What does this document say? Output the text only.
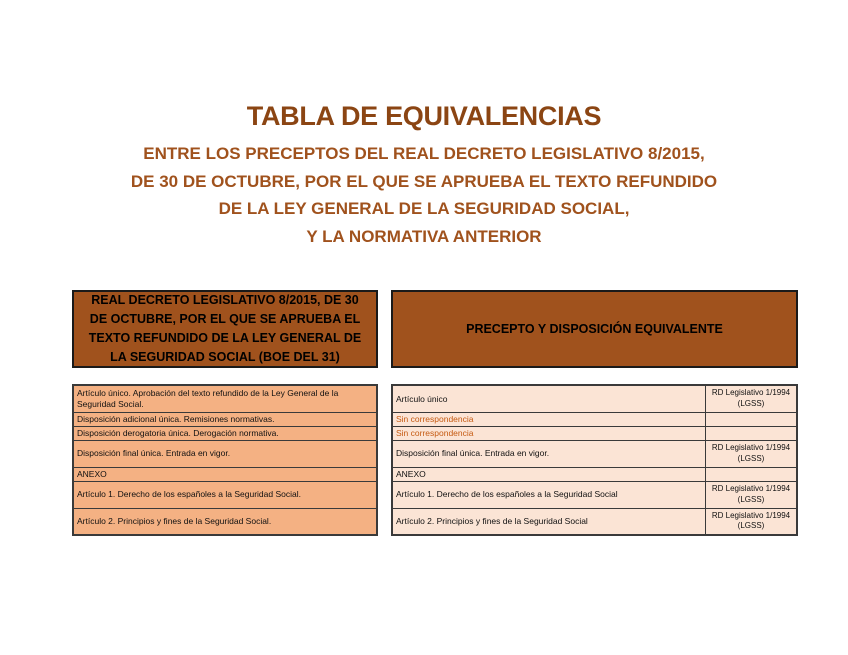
TABLA DE EQUIVALENCIAS
ENTRE LOS PRECEPTOS DEL REAL DECRETO LEGISLATIVO 8/2015,
DE 30 DE OCTUBRE, POR EL QUE SE APRUEBA EL TEXTO REFUNDIDO
DE LA LEY GENERAL DE LA SEGURIDAD SOCIAL,
Y LA NORMATIVA ANTERIOR
REAL DECRETO LEGISLATIVO 8/2015, DE 30 DE OCTUBRE, POR EL QUE SE APRUEBA EL TEXTO REFUNDIDO DE LA LEY GENERAL DE LA SEGURIDAD SOCIAL (BOE DEL 31)
PRECEPTO Y DISPOSICIÓN EQUIVALENTE
Artículo único. Aprobación del texto refundido de la Ley General de la Seguridad Social.
Disposición adicional única. Remisiones normativas.
Disposición derogatoria única. Derogación normativa.
Disposición final única. Entrada en vigor.
ANEXO
Artículo 1. Derecho de los españoles a la Seguridad Social.
Artículo 2. Principios y fines de la Seguridad Social.
Artículo único	RD Legislativo 1/1994 (LGSS)
Sin correspondencia	
Sin correspondencia	
Disposición final única. Entrada en vigor.	RD Legislativo 1/1994 (LGSS)
ANEXO	
Artículo 1. Derecho de los españoles a la Seguridad Social	RD Legislativo 1/1994 (LGSS)
Artículo 2. Principios y fines de la Seguridad Social	RD Legislativo 1/1994 (LGSS)
